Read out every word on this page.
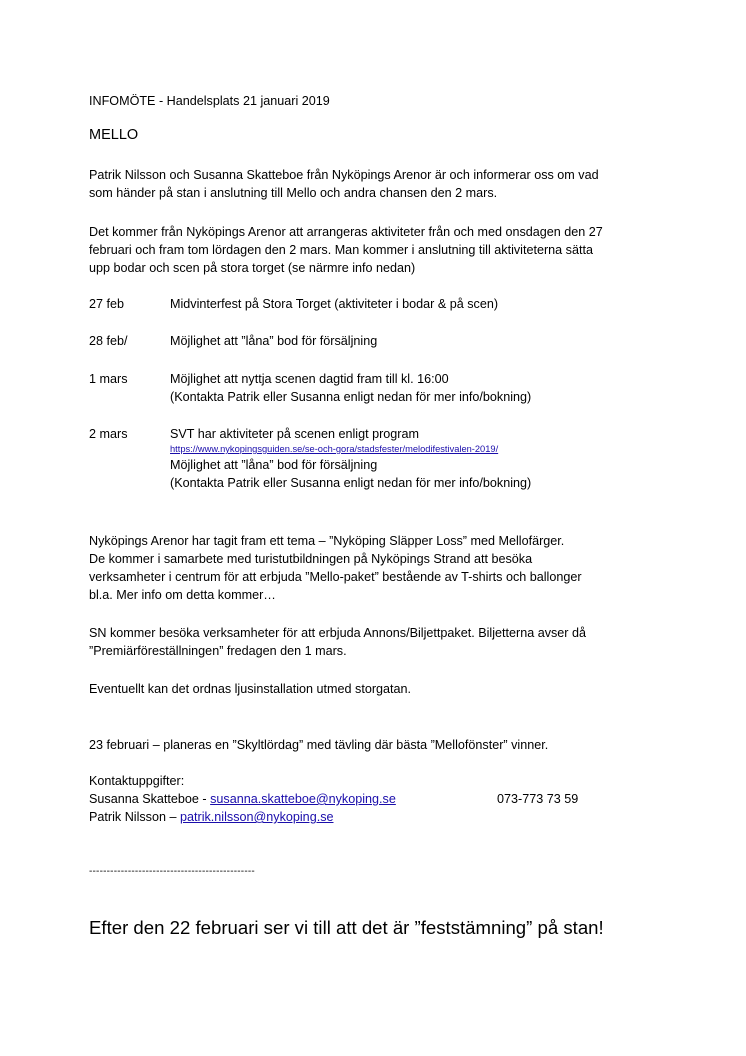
INFOMÖTE - Handelsplats 21 januari 2019

MELLO

Patrik Nilsson och Susanna Skatteboe från Nyköpings Arenor är och informerar oss om vad

som händer på stan i anslutning till Mello och andra chansen den 2 mars.

Det kommer från Nyköpings Arenor att arrangeras aktiviteter från och med onsdagen den 27

februari och fram tom lördagen den 2 mars. Man kommer i anslutning till aktiviteterna sätta

upp bodar och scen på stora torget (se närmre info nedan)

27 feb	Midvinterfest på Stora Torget (aktiviteter i bodar & på scen)
28 feb/	Möjlighet att ”låna” bod för försäljning
1 mars	Möjlighet att nyttja scenen dagtid fram till kl. 16:00

(Kontakta Patrik eller Susanna enligt nedan för mer info/bokning)

2 mars	SVT har aktiviteter på scenen enligt program

https://www.nykopingsguiden.se/se-och-gora/stadsfester/melodifestivalen-2019/

Möjlighet att ”låna” bod för försäljning

(Kontakta Patrik eller Susanna enligt nedan för mer info/bokning)

Nyköpings Arenor har tagit fram ett tema – ”Nyköping Släpper Loss” med Mellofärger.

De kommer i samarbete med turistutbildningen på Nyköpings Strand att besöka

verksamheter i centrum för att erbjuda ”Mello-paket” bestående av T-shirts och ballonger

bl.a. Mer info om detta kommer…

SN kommer besöka verksamheter för att erbjuda Annons/Biljettpaket. Biljetterna avser då

”Premiärföreställningen” fredagen den 1 mars.

Eventuellt kan det ordnas ljusinstallation utmed storgatan.

23 februari – planeras en ”Skyltlördag” med tävling där bästa ”Mellofönster” vinner.

Kontaktuppgifter:

Susanna Skatteboe - susanna.skatteboe@nykoping.se	073-773 73 59
Patrik Nilsson – patrik.nilsson@nykoping.se

-----------------------------------------------

Efter den 22 februari ser vi till att det är ”feststämning” på stan!
